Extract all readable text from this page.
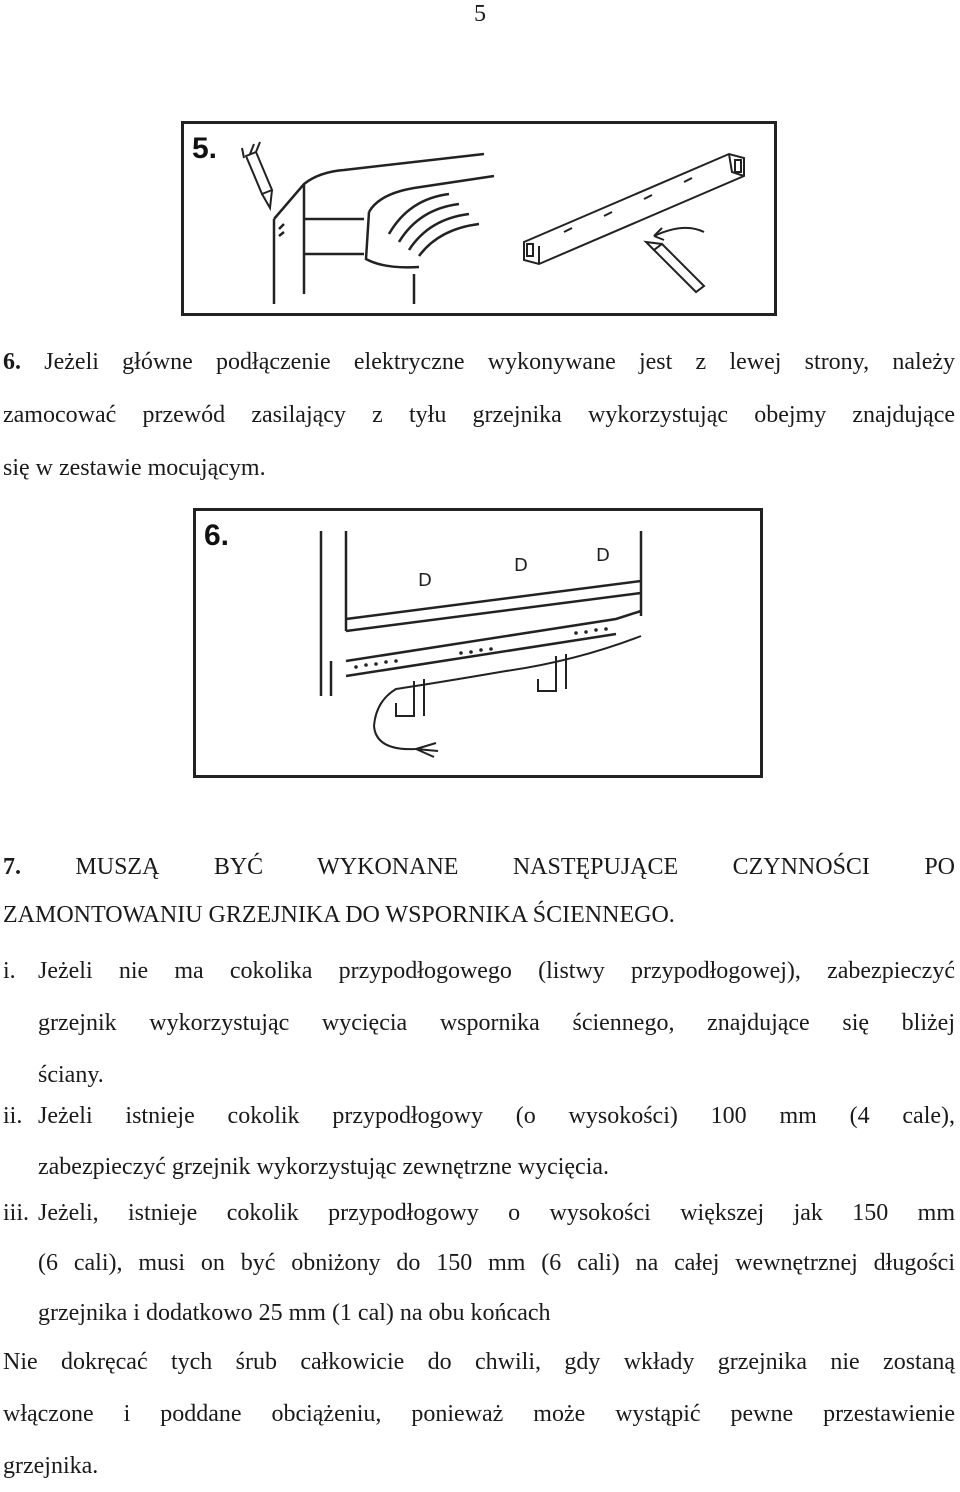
5
5.
6. Jeżeli główne podłączenie elektryczne wykonywane jest z lewej strony, należy
zamocować przewód zasilający z tyłu grzejnika wykorzystując obejmy znajdujące
się w zestawie mocującym.
6.
D
D	D
7. MUSZĄ BYĆ WYKONANE NASTĘPUJĄCE CZYNNOŚCI PO
ZAMONTOWANIU GRZEJNIKA DO WSPORNIKA ŚCIENNEGO.
i. Jeżeli nie ma cokolika przypodłogowego (listwy przypodłogowej), zabezpieczyć
grzejnik wykorzystując wycięcia wspornika ściennego, znajdujące się bliżej
ściany.
ii. Jeżeli istnieje cokolik przypodłogowy (o wysokości) 100 mm (4 cale),
zabezpieczyć grzejnik wykorzystując zewnętrzne wycięcia.
iii. Jeżeli, istnieje cokolik przypodłogowy o wysokości większej jak 150 mm
(6 cali), musi on być obniżony do 150 mm (6 cali) na całej wewnętrznej długości
grzejnika i dodatkowo 25 mm (1 cal) na obu końcach
Nie dokręcać tych śrub całkowicie do chwili, gdy wkłady grzejnika nie zostaną
włączone i poddane obciążeniu, ponieważ może wystąpić pewne przestawienie
grzejnika.
